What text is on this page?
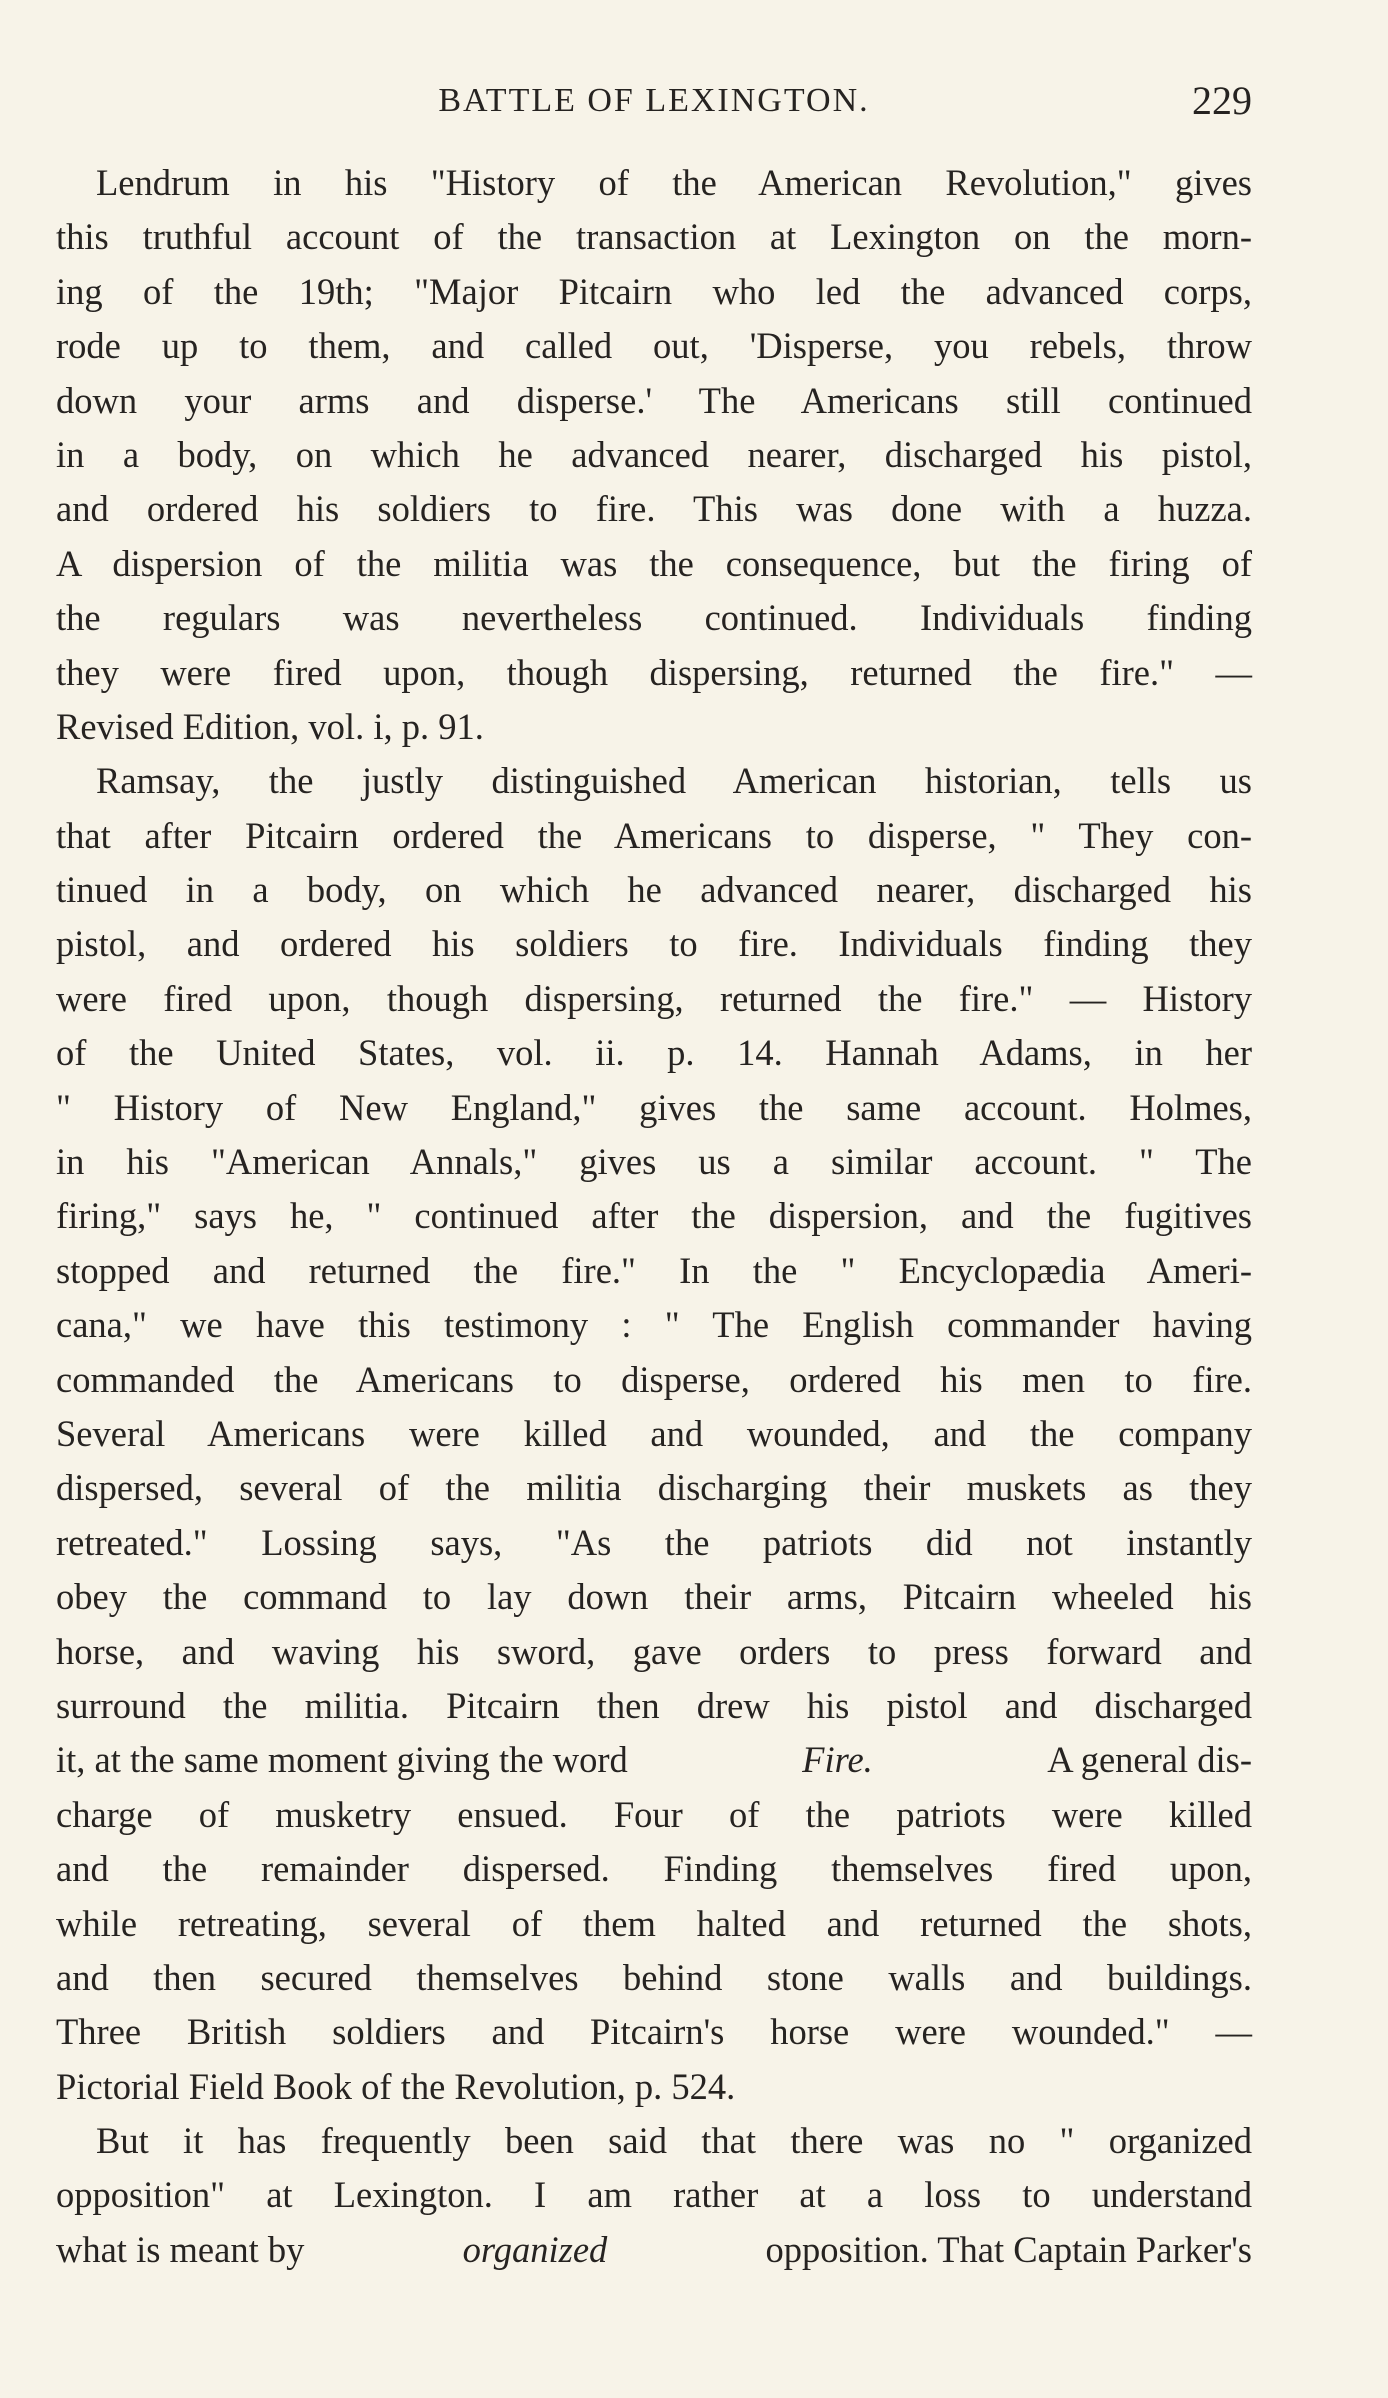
BATTLE OF LEXINGTON.	229
Lendrum in his "History of the American Revolution," gives
this truthful account of the transaction at Lexington on the morn-
ing of the 19th; "Major Pitcairn who led the advanced corps,
rode up to them, and called out, 'Disperse, you rebels, throw
down your arms and disperse.' The Americans still continued
in a body, on which he advanced nearer, discharged his pistol,
and ordered his soldiers to fire. This was done with a huzza.
A dispersion of the militia was the consequence, but the firing of
the regulars was nevertheless continued. Individuals finding
they were fired upon, though dispersing, returned the fire." —
Revised Edition, vol. i, p. 91.
Ramsay, the justly distinguished American historian, tells us
that after Pitcairn ordered the Americans to disperse, " They con-
tinued in a body, on which he advanced nearer, discharged his
pistol, and ordered his soldiers to fire. Individuals finding they
were fired upon, though dispersing, returned the fire." — History
of the United States, vol. ii. p. 14. Hannah Adams, in her
" History of New England," gives the same account. Holmes,
in his "American Annals," gives us a similar account. " The
firing," says he, " continued after the dispersion, and the fugitives
stopped and returned the fire." In the " Encyclopædia Ameri-
cana," we have this testimony : " The English commander having
commanded the Americans to disperse, ordered his men to fire.
Several Americans were killed and wounded, and the company
dispersed, several of the militia discharging their muskets as they
retreated." Lossing says, "As the patriots did not instantly
obey the command to lay down their arms, Pitcairn wheeled his
horse, and waving his sword, gave orders to press forward and
surround the militia. Pitcairn then drew his pistol and discharged
it, at the same moment giving the word	Fire.	A general dis-
charge of musketry ensued. Four of the patriots were killed
and the remainder dispersed. Finding themselves fired upon,
while retreating, several of them halted and returned the shots,
and then secured themselves behind stone walls and buildings.
Three British soldiers and Pitcairn's horse were wounded." —
Pictorial Field Book of the Revolution, p. 524.
But it has frequently been said that there was no " organized
opposition" at Lexington. I am rather at a loss to understand
what is meant by	organized	opposition. That Captain Parker's
